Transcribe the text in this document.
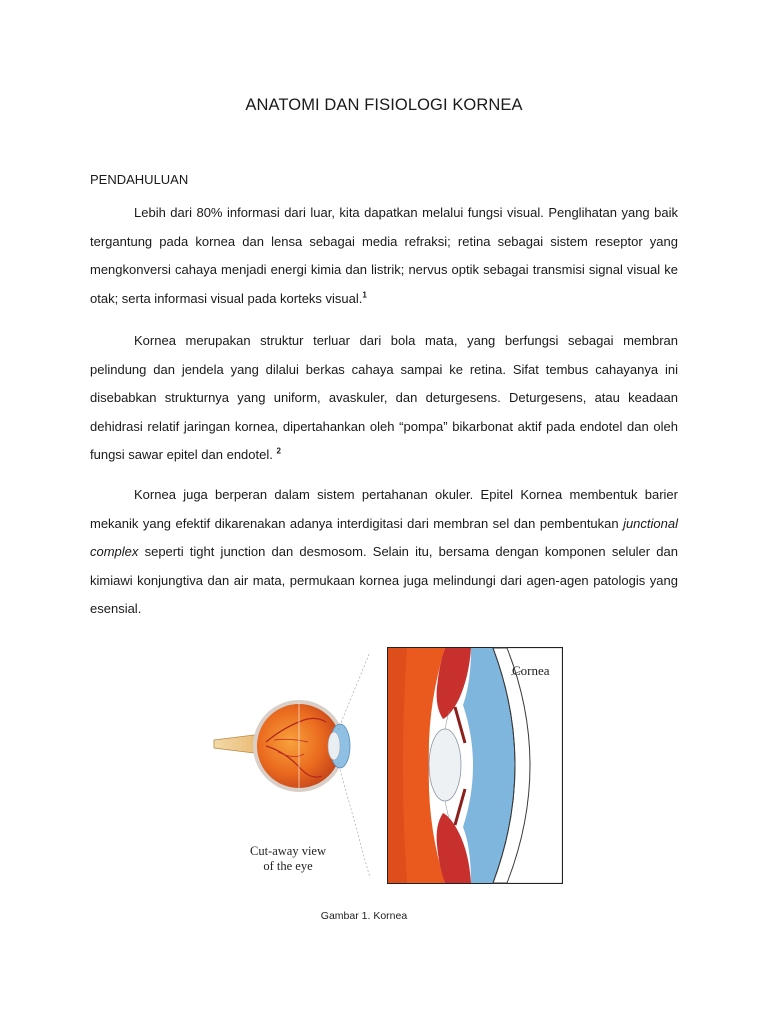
ANATOMI DAN FISIOLOGI KORNEA
PENDAHULUAN

Lebih dari 80% informasi dari luar, kita dapatkan melalui fungsi visual. Penglihatan yang baik tergantung pada kornea dan lensa sebagai media refraksi; retina sebagai sistem reseptor yang mengkonversi cahaya menjadi energi kimia dan listrik; nervus optik sebagai transmisi signal visual ke otak; serta informasi visual pada korteks visual.$^1$

Kornea merupakan struktur terluar dari bola mata, yang berfungsi sebagai membran pelindung dan jendela yang dilalui berkas cahaya sampai ke retina. Sifat tembus cahayanya ini disebabkan strukturnya yang uniform, avaskuler, dan deturgesens. Deturgesens, atau keadaan dehidrasi relatif jaringan kornea, dipertahankan oleh “pompa” bikarbonat aktif pada endotel dan oleh fungsi sawar epitel dan endotel. $^2$

Kornea juga berperan dalam sistem pertahanan okuler. Epitel Kornea membentuk barier mekanik yang efektif dikarenakan adanya interdigitasi dari membran sel dan pembentukan junctional complex seperti tight junction dan desmosom. Selain itu, bersama dengan komponen seluler dan kimiawi konjungtiva dan air mata, permukaan kornea juga melindungi dari agen-agen patologis yang esensial.

Cut-away view
of the eye
Cornea
Gambar 1. Kornea
